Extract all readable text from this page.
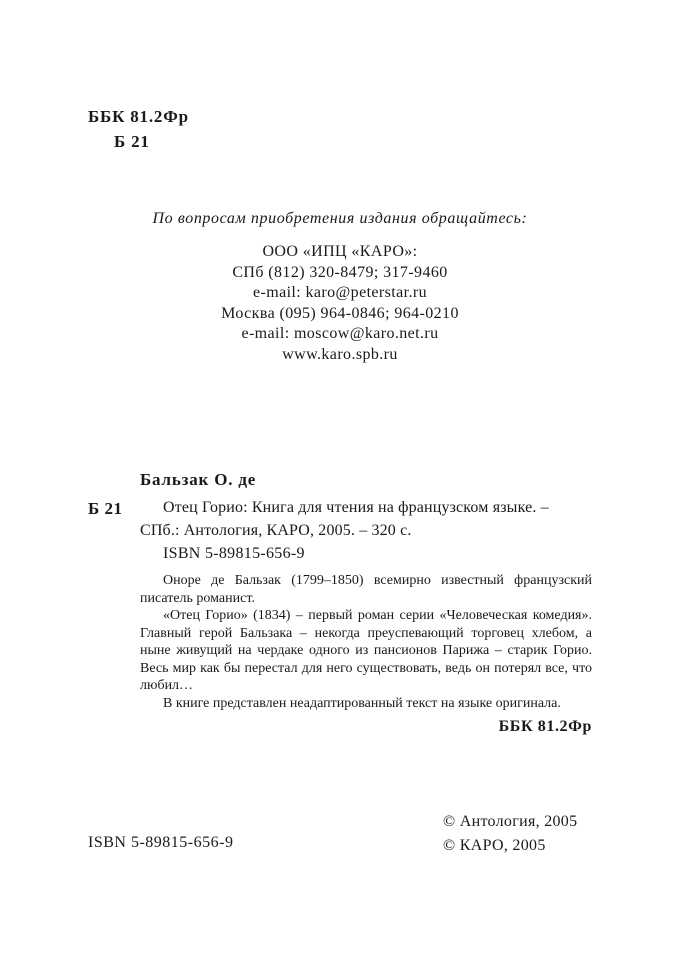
ББК 81.2Фр
Б 21
По вопросам приобретения издания обращайтесь:
ООО «ИПЦ «КАРО»:
СПб (812) 320-8479; 317-9460
e-mail: karo@peterstar.ru
Москва (095) 964-0846; 964-0210
e-mail: moscow@karo.net.ru
www.karo.spb.ru
Бальзак О. де
Б 21	Отец Горио: Книга для чтения на французском языке. –
СПб.: Антология, КАРО, 2005. – 320 с.
ISBN 5-89815-656-9

Оноре де Бальзак (1799–1850) всемирно известный французский писатель романист.

«Отец Горио» (1834) – первый роман серии «Человеческая комедия». Главный герой Бальзака – некогда преуспевающий торговец хлебом, а ныне живущий на чердаке одного из пансионов Парижа – старик Горио. Весь мир как бы перестал для него существовать, ведь он потерял все, что любил…

В книге представлен неадаптированный текст на языке оригинала.

ББК 81.2Фр
ISBN 5-89815-656-9
© Антология, 2005
© КАРО, 2005
